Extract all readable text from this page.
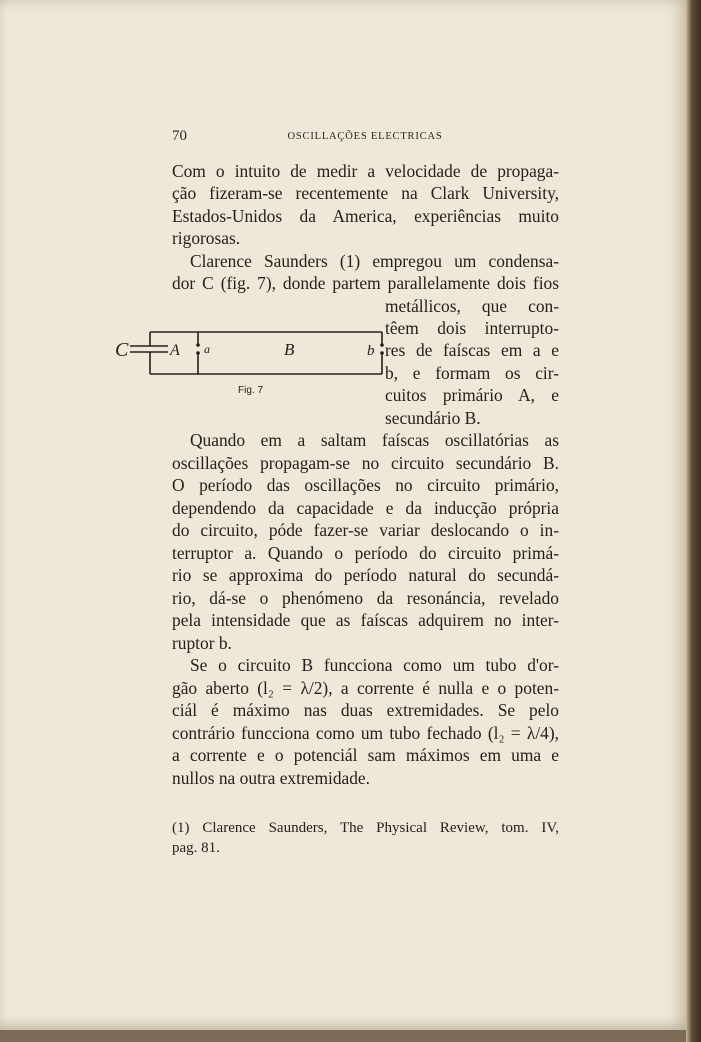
70	OSCILLAÇÕES ELECTRICAS
Com o intuito de medir a velocidade de propaga-
ção fizeram-se recentemente na Clark University,
Estados-Unidos da America, experiências muito
rigorosas.
Clarence Saunders (1) empregou um condensa-
dor C (fig. 7), donde partem parallelamente dois fios
metállicos, que con-
têem dois interrupto-
res de faíscas em a e
b, e formam os cir-
cuitos primário A, e
secundário B.
Quando em a saltam faíscas oscillatórias as
oscillações propagam-se no circuito secundário B.
O período das oscillações no circuito primário,
dependendo da capacidade e da inducção própria
do circuito, póde fazer-se variar deslocando o in-
terruptor a. Quando o período do circuito primá-
rio se approxima do período natural do secundá-
rio, dá-se o phenómeno da resonáncia, revelado
pela intensidade que as faíscas adquirem no inter-
ruptor b.
Se o circuito B funcciona como um tubo d'or-
gão aberto (l₂ = λ/2), a corrente é nulla e o poten-
ciál é máximo nas duas extremidades. Se pelo
contrário funcciona como um tubo fechado (l₂ = λ/4),
a corrente e o potenciál sam máximos em uma e
nullos na outra extremidade.
C	A a	B	b
Fig. 7
(1) Clarence Saunders, The Physical Review, tom. IV,
pag. 81.
